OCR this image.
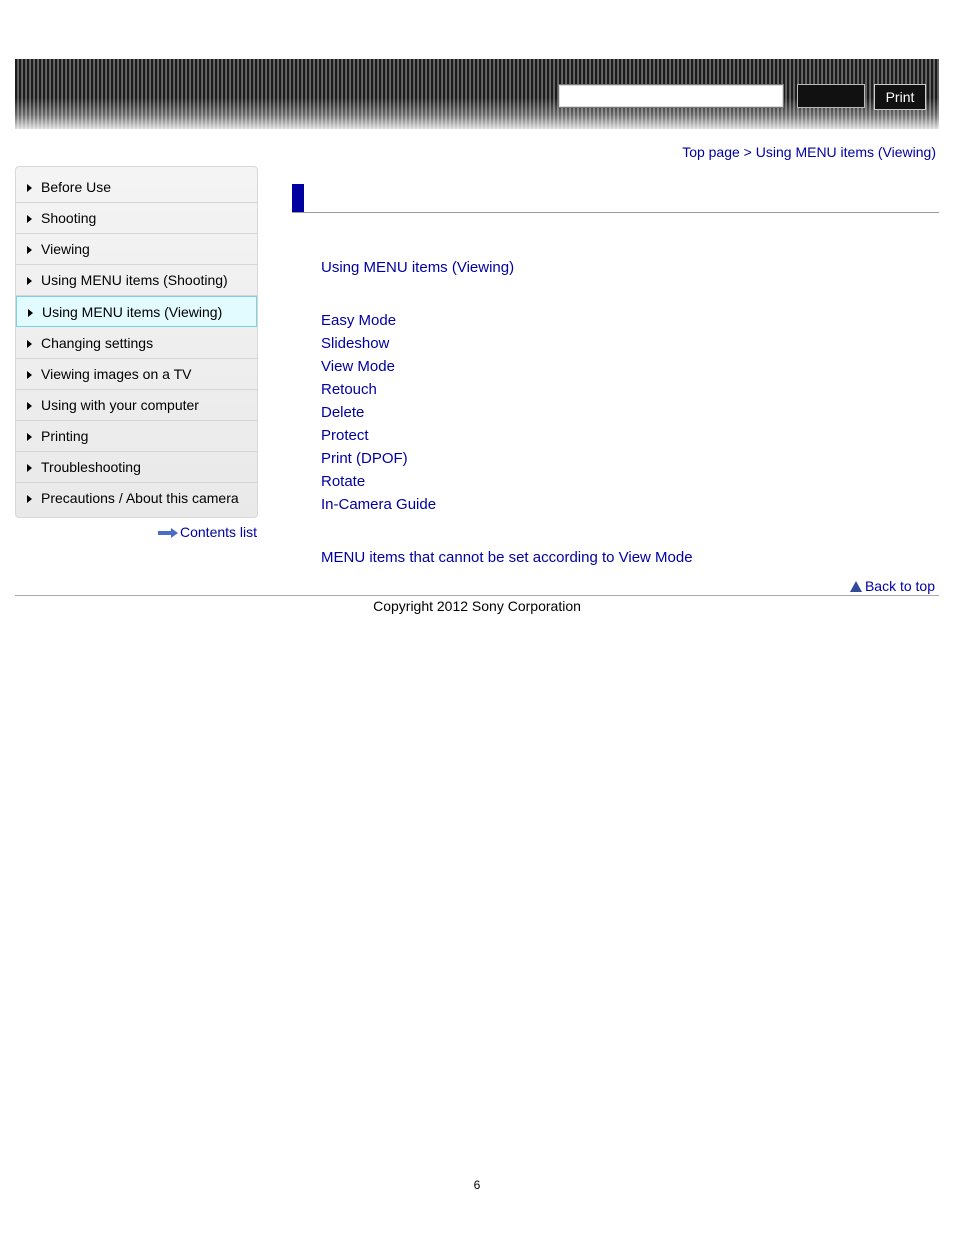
Print
Top page > Using MENU items (Viewing)
Before Use
Shooting
Viewing
Using MENU items (Shooting)
Using MENU items (Viewing)
Changing settings
Viewing images on a TV
Using with your computer
Printing
Troubleshooting
Precautions / About this camera
Contents list
Using MENU items (Viewing)
Easy Mode
Slideshow
View Mode
Retouch
Delete
Protect
Print (DPOF)
Rotate
In-Camera Guide
MENU items that cannot be set according to View Mode
Back to top
Copyright 2012 Sony Corporation
6
